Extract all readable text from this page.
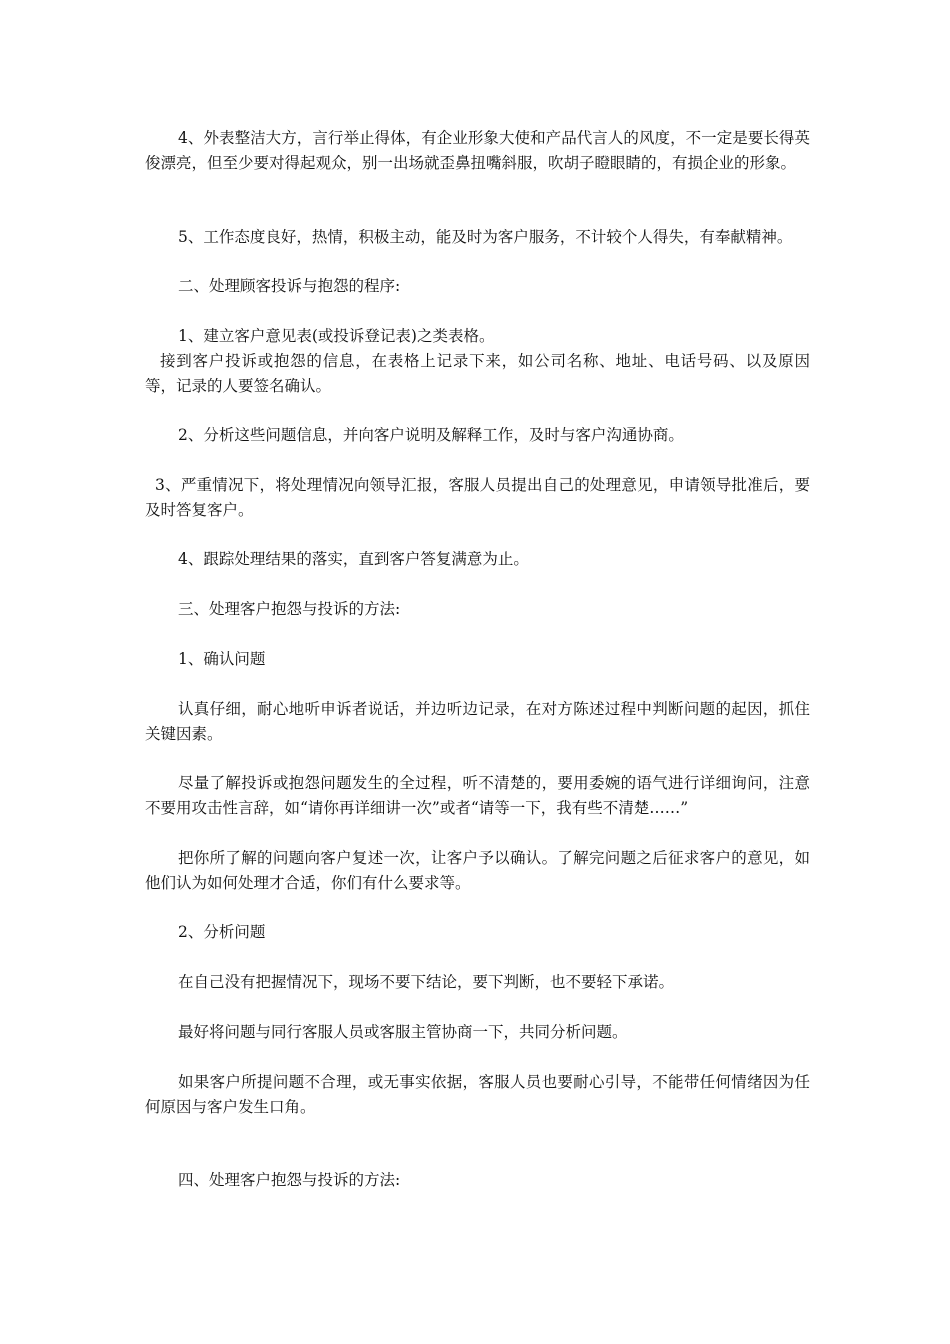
4、外表整洁大方，言行举止得体，有企业形象大使和产品代言人的风度，不一定是要长得英俊漂亮，但至少要对得起观众，别一出场就歪鼻扭嘴斜服，吹胡子瞪眼睛的，有损企业的形象。

5、工作态度良好，热情，积极主动，能及时为客户服务，不计较个人得失，有奉献精神。

二、处理顾客投诉与抱怨的程序:

1、建立客户意见表(或投诉登记表)之类表格。

接到客户投诉或抱怨的信息，在表格上记录下来，如公司名称、地址、电话号码、以及原因等，记录的人要签名确认。

2、分析这些问题信息，并向客户说明及解释工作，及时与客户沟通协商。

3、严重情况下，将处理情况向领导汇报，客服人员提出自己的处理意见，申请领导批准后，要及时答复客户。

4、跟踪处理结果的落实，直到客户答复满意为止。

三、处理客户抱怨与投诉的方法:

1、确认问题

认真仔细，耐心地听申诉者说话，并边听边记录，在对方陈述过程中判断问题的起因，抓住关键因素。

尽量了解投诉或抱怨问题发生的全过程，听不清楚的，要用委婉的语气进行详细询问，注意不要用攻击性言辞，如“请你再详细讲一次”或者“请等一下，我有些不清楚……”

把你所了解的问题向客户复述一次，让客户予以确认。了解完问题之后征求客户的意见，如他们认为如何处理才合适，你们有什么要求等。

2、分析问题

在自己没有把握情况下，现场不要下结论，要下判断，也不要轻下承诺。

最好将问题与同行客服人员或客服主管协商一下，共同分析问题。

如果客户所提问题不合理，或无事实依据，客服人员也要耐心引导，不能带任何情绪因为任何原因与客户发生口角。

四、处理客户抱怨与投诉的方法:
